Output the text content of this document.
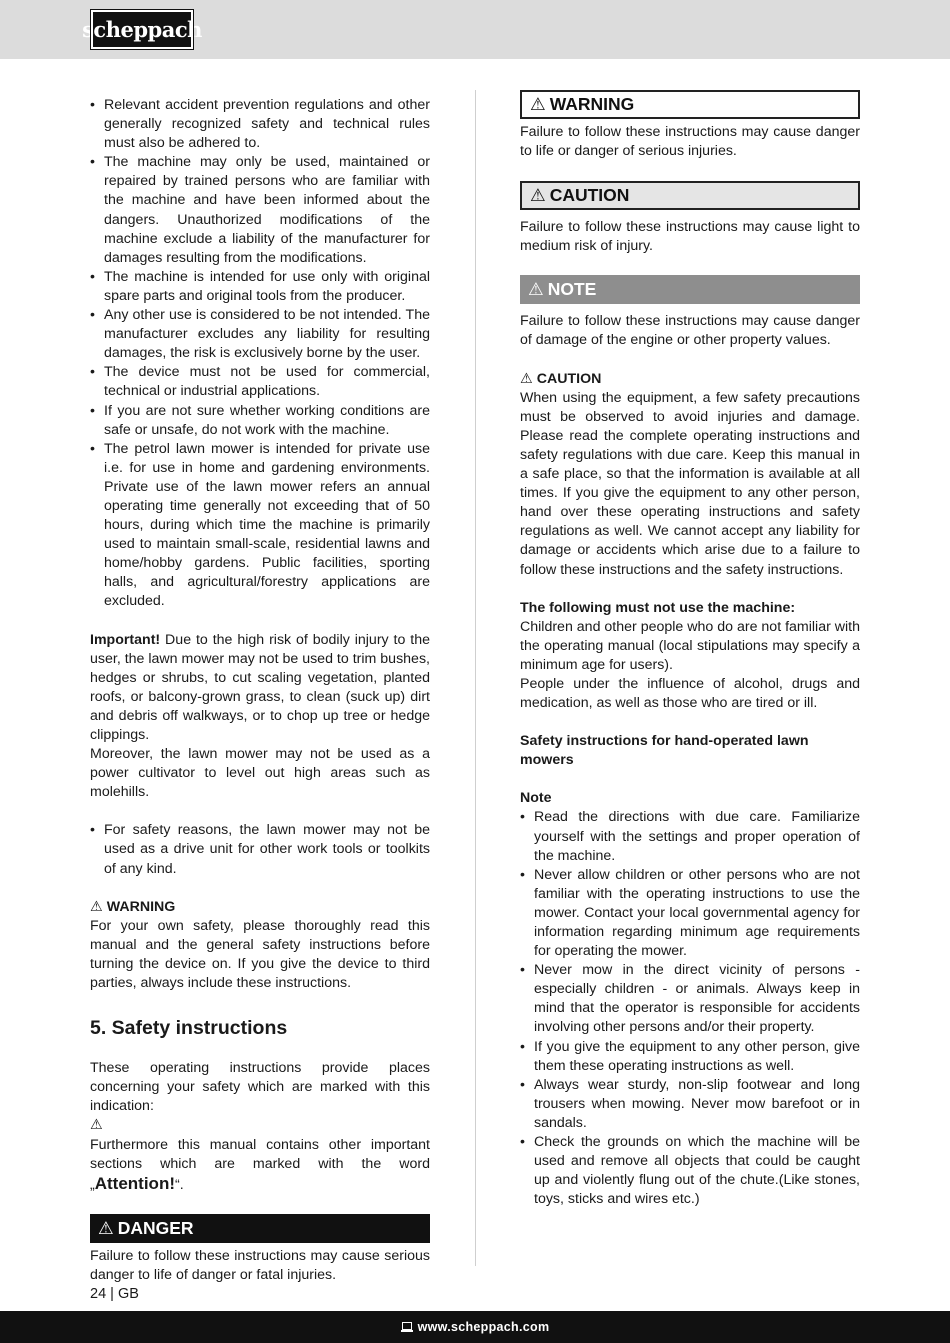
scheppach
• Relevant accident prevention regulations and other generally recognized safety and technical rules must also be adhered to.
• The machine may only be used, maintained or repaired by trained persons who are familiar with the machine and have been informed about the dangers. Unauthorized modifications of the machine exclude a liability of the manufacturer for damages resulting from the modifications.
• The machine is intended for use only with original spare parts and original tools from the producer.
• Any other use is considered to be not intended. The manufacturer excludes any liability for resulting damages, the risk is exclusively borne by the user.
• The device must not be used for commercial, technical or industrial applications.
• If you are not sure whether working conditions are safe or unsafe, do not work with the machine.
• The petrol lawn mower is intended for private use i.e. for use in home and gardening environments. Private use of the lawn mower refers an annual operating time generally not exceeding that of 50 hours, during which time the machine is primarily used to maintain small-scale, residential lawns and home/hobby gardens. Public facilities, sporting halls, and agricultural/forestry applications are excluded.

Important! Due to the high risk of bodily injury to the user, the lawn mower may not be used to trim bushes, hedges or shrubs, to cut scaling vegetation, planted roofs, or balcony-grown grass, to clean (suck up) dirt and debris off walkways, or to chop up tree or hedge clippings.

Moreover, the lawn mower may not be used as a power cultivator to level out high areas such as molehills.

• For safety reasons, the lawn mower may not be used as a drive unit for other work tools or toolkits of any kind.

⚠ WARNING

For your own safety, please thoroughly read this manual and the general safety instructions before turning the device on. If you give the device to third parties, always include these instructions.

5. Safety instructions

These operating instructions provide places concerning your safety which are marked with this indication:

⚠

Furthermore this manual contains other important sections which are marked with the word „Attention!“.

⚠ DANGER

Failure to follow these instructions may cause serious danger to life of danger or fatal injuries.

⚠ WARNING

Failure to follow these instructions may cause danger to life or danger of serious injuries.

⚠ CAUTION

Failure to follow these instructions may cause light to medium risk of injury.

⚠ NOTE

Failure to follow these instructions may cause danger of damage of the engine or other property values.

⚠ CAUTION

When using the equipment, a few safety precautions must be observed to avoid injuries and damage. Please read the complete operating instructions and safety regulations with due care. Keep this manual in a safe place, so that the information is available at all times. If you give the equipment to any other person, hand over these operating instructions and safety regulations as well. We cannot accept any liability for damage or accidents which arise due to a failure to follow these instructions and the safety instructions.

The following must not use the machine:

Children and other people who do are not familiar with the operating manual (local stipulations may specify a minimum age for users).

People under the influence of alcohol, drugs and medication, as well as those who are tired or ill.

Safety instructions for hand-operated lawn mowers

Note

• Read the directions with due care. Familiarize yourself with the settings and proper operation of the machine.
• Never allow children or other persons who are not familiar with the operating instructions to use the mower. Contact your local governmental agency for information regarding minimum age requirements for operating the mower.
• Never mow in the direct vicinity of persons - especially children - or animals. Always keep in mind that the operator is responsible for accidents involving other persons and/or their property.
• If you give the equipment to any other person, give them these operating instructions as well.
• Always wear sturdy, non-slip footwear and long trousers when mowing. Never mow barefoot or in sandals.
• Check the grounds on which the machine will be used and remove all objects that could be caught up and violently flung out of the chute.(Like stones, toys, sticks and wires etc.)
24 | GB
www.scheppach.com
